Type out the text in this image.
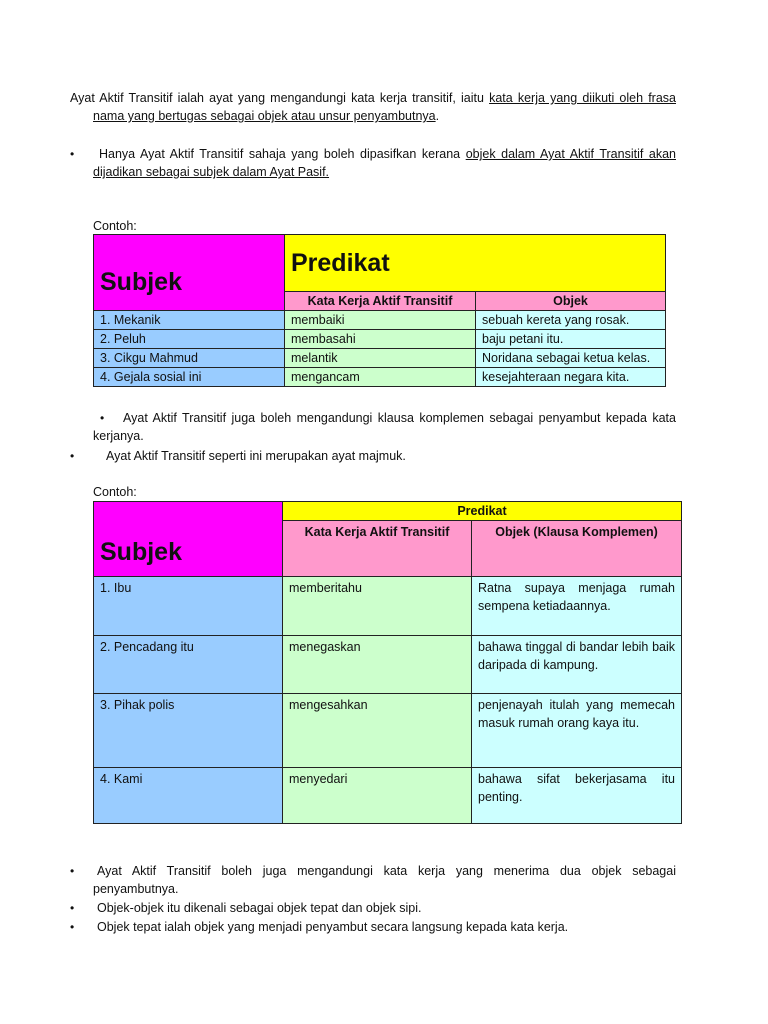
Ayat Aktif Transitif ialah ayat yang mengandungi kata kerja transitif, iaitu kata kerja yang diikuti oleh frasa nama yang bertugas sebagai objek atau unsur penyambutnya.
•	Hanya Ayat Aktif Transitif sahaja yang boleh dipasifkan kerana objek dalam Ayat Aktif Transitif akan dijadikan sebagai subjek dalam Ayat Pasif.
Contoh:
Subjek	Predikat	
	Kata Kerja Aktif Transitif	Objek
1. Mekanik	membaiki	sebuah kereta yang rosak.
2. Peluh	membasahi	baju petani itu.
3. Cikgu Mahmud	melantik	Noridana sebagai ketua kelas.
4. Gejala sosial ini	mengancam	kesejahteraan negara kita.
•	Ayat Aktif Transitif juga boleh mengandungi klausa komplemen sebagai penyambut kepada kata kerjanya.
•	Ayat Aktif Transitif seperti ini merupakan ayat majmuk.
Contoh:
Subjek	Predikat	
	Kata Kerja Aktif Transitif	Objek (Klausa Komplemen)
1. Ibu	memberitahu	Ratna supaya menjaga rumah sempena ketiadaannya.
2. Pencadang itu	menegaskan	bahawa tinggal di bandar lebih baik daripada di kampung.
3. Pihak polis	mengesahkan	penjenayah itulah yang memecah masuk rumah orang kaya itu.
4. Kami	menyedari	bahawa sifat bekerjasama itu penting.
•	Ayat Aktif Transitif boleh juga mengandungi kata kerja yang menerima dua objek sebagai penyambutnya.
• Objek-objek itu dikenali sebagai objek tepat dan objek sipi.
• Objek tepat ialah objek yang menjadi penyambut secara langsung kepada kata kerja.
